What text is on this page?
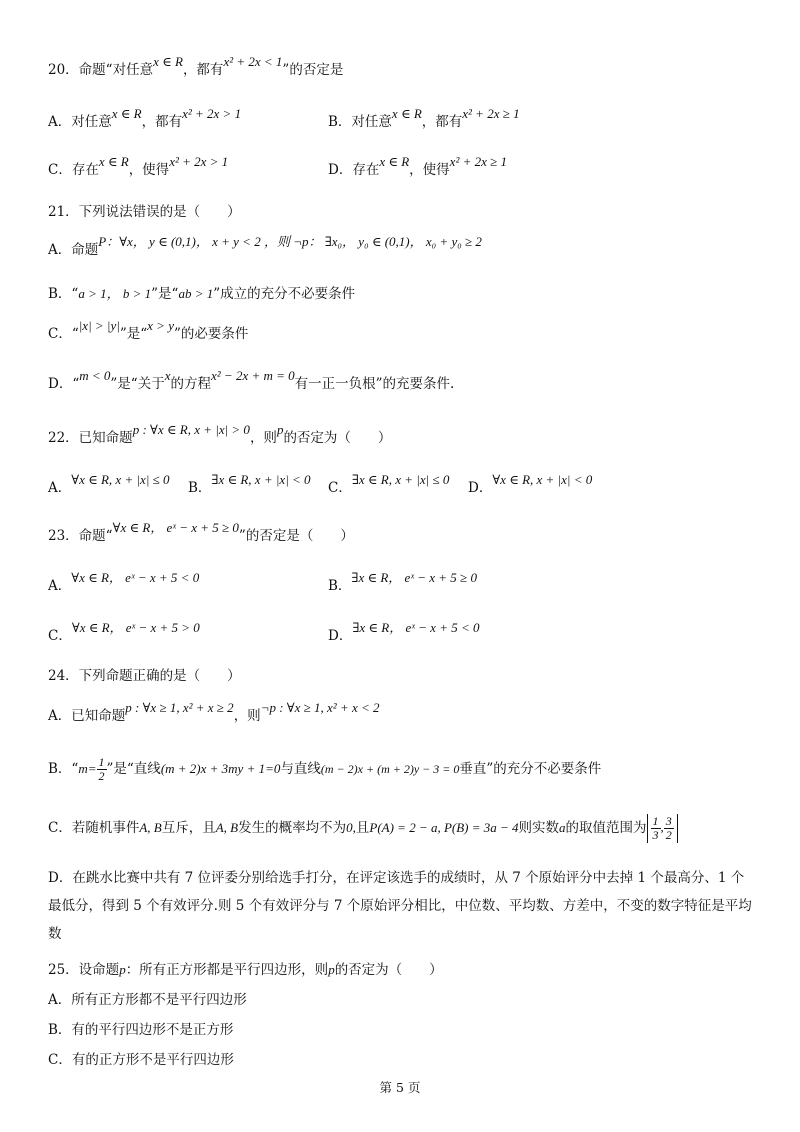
20．命题“对任意x ∈ R，都有x² + 2x < 1”的否定是
A．对任意x ∈ R，都有x² + 2x > 1
B．对任意x ∈ R，都有x² + 2x ≥ 1
C．存在x ∈ R，使得x² + 2x > 1
D．存在x ∈ R，使得x² + 2x ≥ 1
21．下列说法错误的是（　　）
A．命题P：∀x， y ∈ (0,1)， x + y < 2 ，则 ¬p： ∃x₀， y₀ ∈ (0,1)， x₀ + y₀ ≥ 2
B．“a > 1， b > 1”是“ab > 1”成立的充分不必要条件
C．“|x| > |y|”是“x > y”的必要条件
D．“m < 0”是“关于x的方程x² − 2x + m = 0有一正一负根”的充要条件.
22．已知命题p : ∀x ∈ R, x + |x| > 0，则p的否定为（　　）
A．∀x ∈ R, x + |x| ≤ 0
B．∃x ∈ R, x + |x| < 0
C．∃x ∈ R, x + |x| ≤ 0
D．∀x ∈ R, x + |x| < 0
23．命题“∀x ∈ R， eˣ − x + 5 ≥ 0”的否定是（　　）
A．∀x ∈ R， eˣ − x + 5 < 0
B．∃x ∈ R， eˣ − x + 5 ≥ 0
C．∀x ∈ R， eˣ − x + 5 > 0
D．∃x ∈ R， eˣ − x + 5 < 0
24．下列命题正确的是（　　）
A．已知命题p : ∀x ≥ 1, x² + x ≥ 2，则¬p : ∀x ≥ 1, x² + x < 2
B．“$m= \frac{1}{2}$ ”是“直线(m + 2)x + 3my + 1=0与直线(m − 2)x + (m + 2)y − 3 = 0垂直”的充分不必要条件
C．若随机事件A, B互斥，且A, B发生的概率均不为0,且P(A) = 2 − a, P(B) = 3a − 4则实数a的取值范围为 $\frac{1}{3}$ , $\frac{3}{2}$
D．在跳水比赛中共有 7 位评委分别给选手打分，在评定该选手的成绩时，从 7 个原始评分中去掉 1 个最高分、1 个最低分，得到 5 个有效评分.则 5 个有效评分与 7 个原始评分相比，中位数、平均数、方差中，不变的数字特征是平均数
25．设命题p：所有正方形都是平行四边形，则p的否定为（　　）
A．所有正方形都不是平行四边形
B．有的平行四边形不是正方形
C．有的正方形不是平行四边形
第 5 页
